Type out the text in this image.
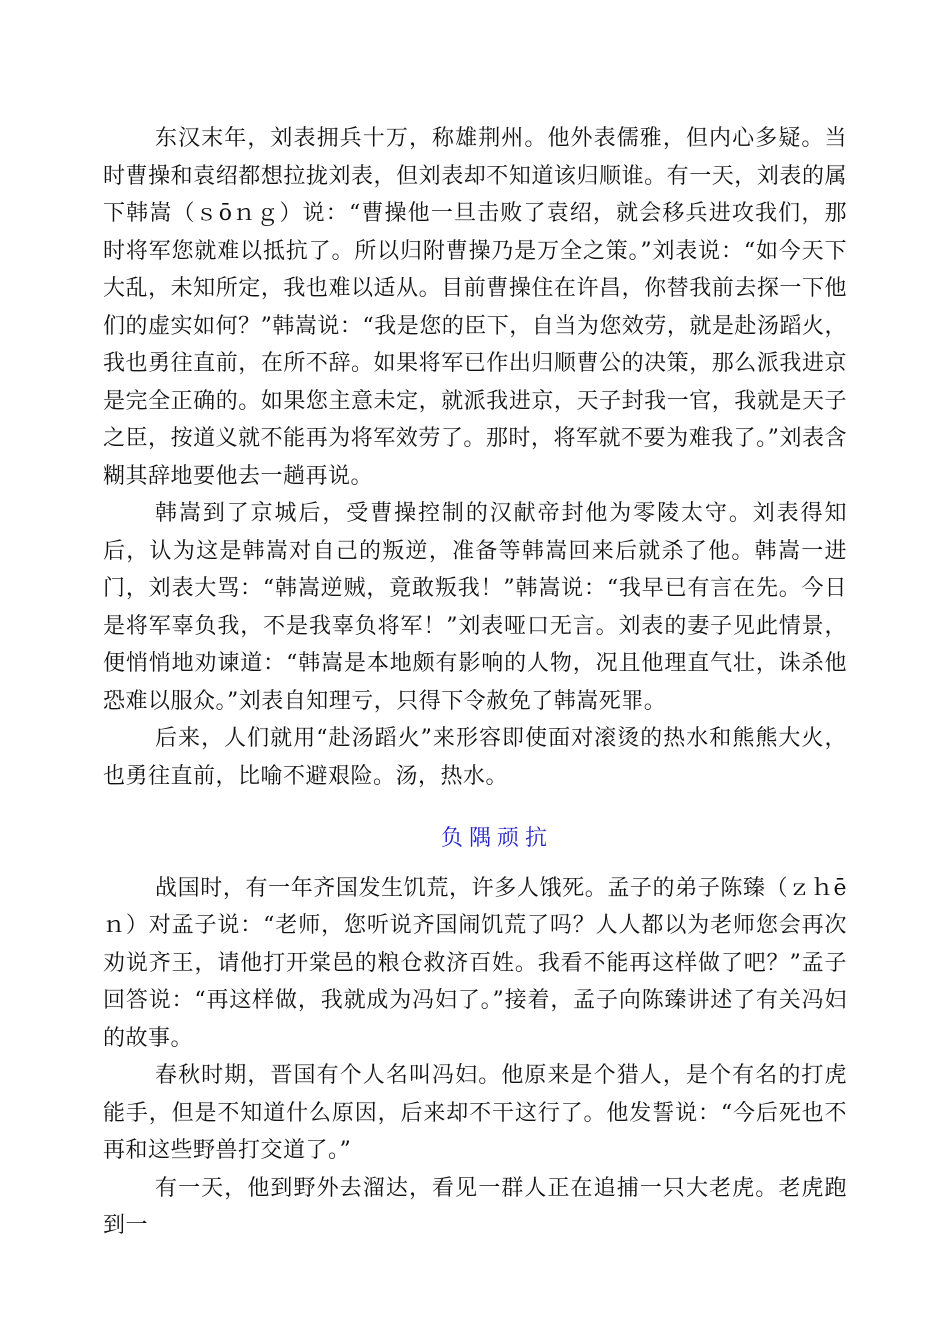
东汉末年，刘表拥兵十万，称雄荆州。他外表儒雅，但内心多疑。当时曹操和袁绍都想拉拢刘表，但刘表却不知道该归顺谁。有一天，刘表的属下韩嵩（ｓōｎｇ）说：“曹操他一旦击败了袁绍，就会移兵进攻我们，那时将军您就难以抵抗了。所以归附曹操乃是万全之策。”刘表说：“如今天下大乱，未知所定，我也难以适从。目前曹操住在许昌，你替我前去探一下他们的虚实如何？”韩嵩说：“我是您的臣下，自当为您效劳，就是赴汤蹈火，我也勇往直前，在所不辞。如果将军已作出归顺曹公的决策，那么派我进京是完全正确的。如果您主意未定，就派我进京，天子封我一官，我就是天子之臣，按道义就不能再为将军效劳了。那时，将军就不要为难我了。”刘表含糊其辞地要他去一趟再说。

韩嵩到了京城后，受曹操控制的汉献帝封他为零陵太守。刘表得知后，认为这是韩嵩对自己的叛逆，准备等韩嵩回来后就杀了他。韩嵩一进门，刘表大骂：“韩嵩逆贼，竟敢叛我！”韩嵩说：“我早已有言在先。今日是将军辜负我，不是我辜负将军！”刘表哑口无言。刘表的妻子见此情景，便悄悄地劝谏道：“韩嵩是本地颇有影响的人物，况且他理直气壮，诛杀他恐难以服众。”刘表自知理亏，只得下令赦免了韩嵩死罪。

后来，人们就用“赴汤蹈火”来形容即使面对滚烫的热水和熊熊大火，也勇往直前，比喻不避艰险。汤，热水。

负隅顽抗

战国时，有一年齐国发生饥荒，许多人饿死。孟子的弟子陈臻（ｚｈēｎ）对孟子说：“老师，您听说齐国闹饥荒了吗？人人都以为老师您会再次劝说齐王，请他打开棠邑的粮仓救济百姓。我看不能再这样做了吧？”孟子回答说：“再这样做，我就成为冯妇了。”接着，孟子向陈臻讲述了有关冯妇的故事。

春秋时期，晋国有个人名叫冯妇。他原来是个猎人，是个有名的打虎能手，但是不知道什么原因，后来却不干这行了。他发誓说：“今后死也不再和这些野兽打交道了。”

有一天，他到野外去溜达，看见一群人正在追捕一只大老虎。老虎跑到一
